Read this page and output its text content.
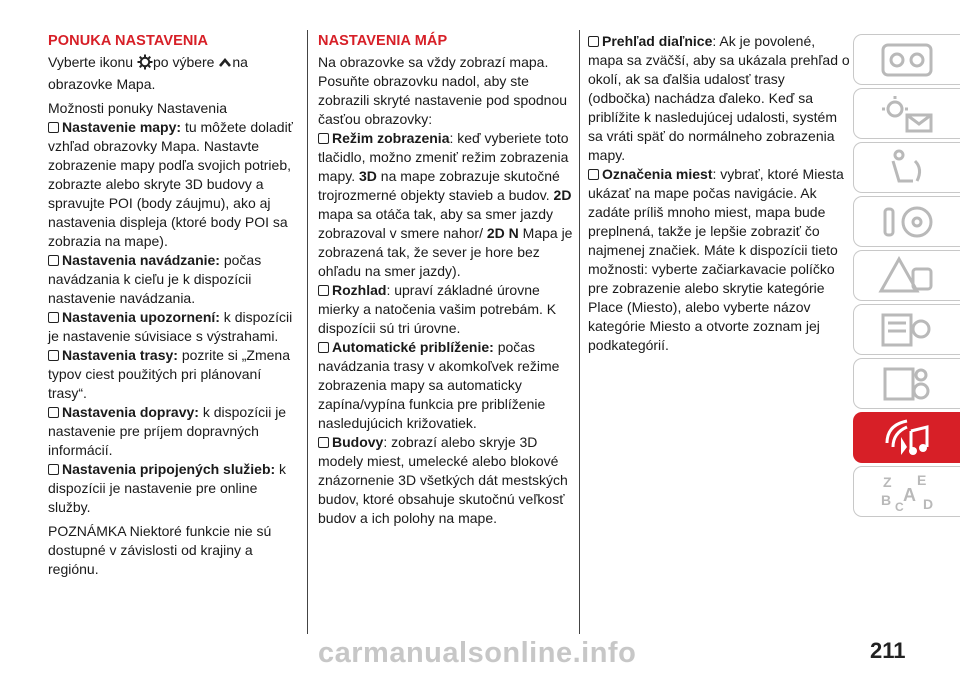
PONUKA NASTAVENIA

Vyberte ikonu po výbere na obrazovke Mapa.

Možnosti ponuky Nastavenia

Nastavenie mapy: tu môžete doladiť vzhľad obrazovky Mapa. Nastavte zobrazenie mapy podľa svojich potrieb, zobrazte alebo skryte 3D budovy a spravujte POI (body záujmu), ako aj nastavenia displeja (ktoré body POI sa zobrazia na mape).

Nastavenia navádzanie: počas navádzania k cieľu je k dispozícii nastavenie navádzania.

Nastavenia upozornení: k dispozícii je nastavenie súvisiace s výstrahami.

Nastavenia trasy: pozrite si „Zmena typov ciest použitých pri plánovaní trasy“.

Nastavenia dopravy: k dispozícii je nastavenie pre príjem dopravných informácií.

Nastavenia pripojených služieb: k dispozícii je nastavenie pre online služby.

POZNÁMKA Niektoré funkcie nie sú dostupné v závislosti od krajiny a regiónu.

NASTAVENIA MÁP

Na obrazovke sa vždy zobrazí mapa. Posuňte obrazovku nadol, aby ste zobrazili skryté nastavenie pod spodnou časťou obrazovky:

Režim zobrazenia: keď vyberiete toto tlačidlo, možno zmeniť režim zobrazenia mapy. 3D na mape zobrazuje skutočné trojrozmerné objekty stavieb a budov. 2D mapa sa otáča tak, aby sa smer jazdy zobrazoval v smere nahor/ 2D N Mapa je zobrazená tak, že sever je hore bez ohľadu na smer jazdy).

Rozhlad: upraví základné úrovne mierky a natočenia vašim potrebám. K dispozícii sú tri úrovne.

Automatické priblíženie: počas navádzania trasy v akomkoľvek režime zobrazenia mapy sa automaticky zapína/vypína funkcia pre priblíženie nasledujúcich križovatiek.

Budovy: zobrazí alebo skryje 3D modely miest, umelecké alebo blokové znázornenie 3D všetkých dát mestských budov, ktoré obsahuje skutočnú veľkosť budov a ich polohy na mape.

Prehľad diaľnice: Ak je povolené, mapa sa zväčší, aby sa ukázala prehľad o okolí, ak sa ďalšia udalosť trasy (odbočka) nachádza ďaleko. Keď sa priblížite k nasledujúcej udalosti, systém sa vráti späť do normálneho zobrazenia mapy.

Označenia miest: vybrať, ktoré Miesta ukázať na mape počas navigácie. Ak zadáte príliš mnoho miest, mapa bude preplnená, takže je lepšie zobraziť čo najmenej značiek. Máte k dispozícii tieto možnosti: vyberte začiarkavacie políčko pre zobrazenie alebo skrytie kategórie Place (Miesto), alebo vyberte názov kategórie Miesto a otvorte zoznam jej podkategórií.

Z E
A
B D
C
carmanualsonline.info	211
